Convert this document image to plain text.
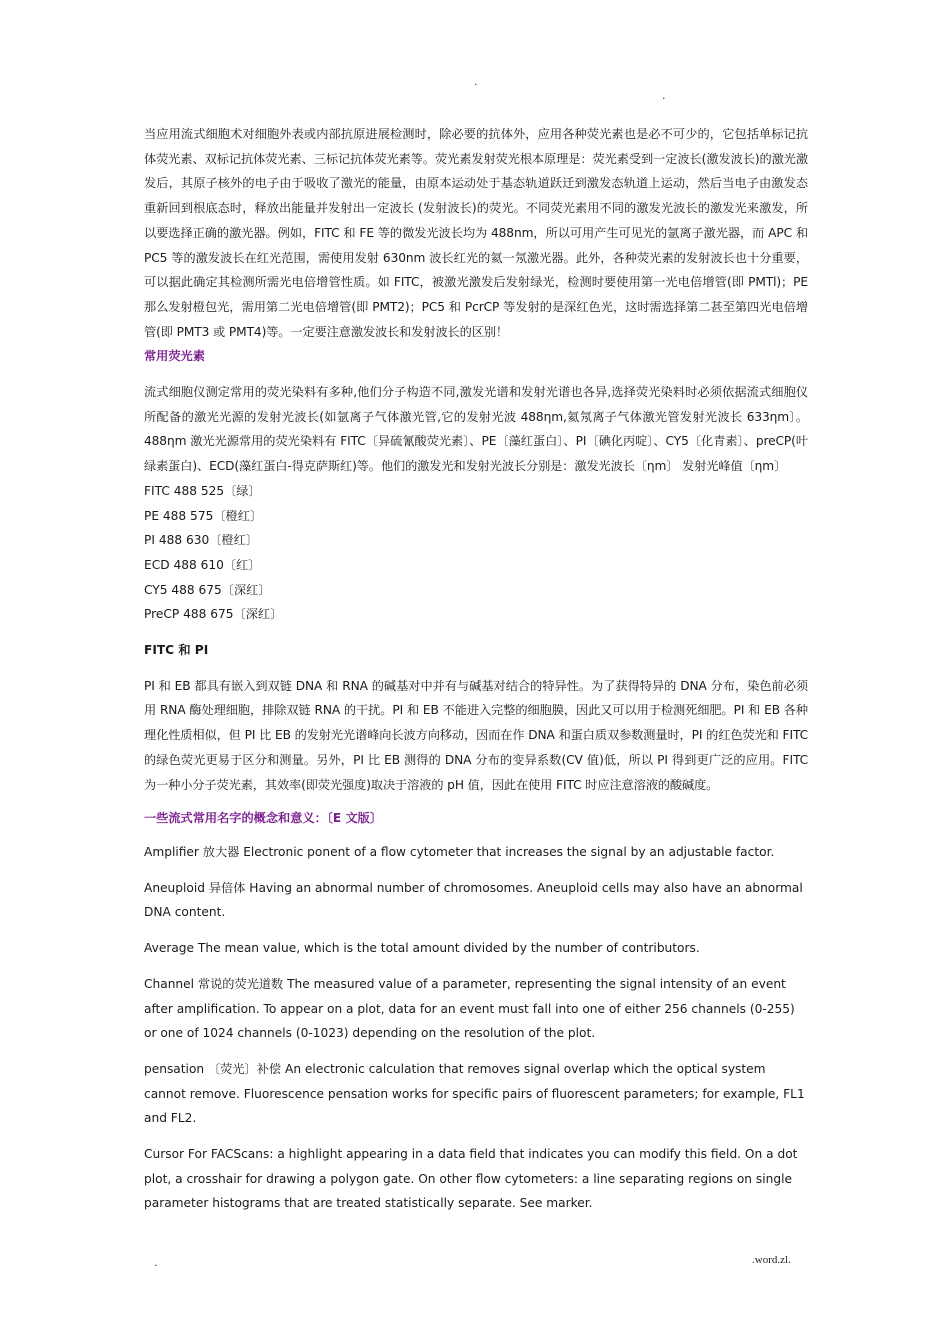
.
.

当应用流式细胞术对细胞外表或内部抗原进展检测时，除必要的抗体外，应用各种荧光素也是必不可少的，它包括单标记抗体荧光素、双标记抗体荧光素、三标记抗体荧光素等。荧光素发射荧光根本原理是：荧光素受到一定波长(激发波长)的激光激发后，其原子核外的电子由于吸收了激光的能量，由原本运动处于基态轨道跃迁到激发态轨道上运动，然后当电子由激发态重新回到根底态时，释放出能量并发射出一定波长 (发射波长)的荧光。不同荧光素用不同的激发光波长的激发光来激发，所以要选择正确的激光器。例如，FITC 和 FE 等的微发光波长均为 488nm，所以可用产生可见光的氩离子激光器，而 APC 和 PC5 等的激发波长在红光范围，需使用发射 630nm 波长红光的氦一氖激光器。此外，各种荧光素的发射波长也十分重要，可以据此确定其检测所需光电倍增管性质。如 FITC，被激光激发后发射绿光，检测时要使用第一光电倍增管(即 PMTl)；PE 那么发射橙包光，需用第二光电倍增管(即 PMT2)；PC5 和 PcrCP 等发射的是深红色光，这时需选择第二甚至第四光电倍增管(即 PMT3 或 PMT4)等。一定要注意激发波长和发射波长的区别！

常用荧光素

流式细胞仪测定常用的荧光染料有多种,他们分子构造不同,激发光谱和发射光谱也各异,选择荧光染料时必须依据流式细胞仪所配备的激光光源的发射光波长(如氩离子气体激光管,它的发射光波 488ηm,氦氖离子气体激光管发射光波长 633ηm〕。488ηm 激光光源常用的荧光染料有 FITC〔异硫氰酸荧光素〕、PE〔藻红蛋白〕、PI〔碘化丙啶〕、CY5〔化青素〕、preCP(叶绿素蛋白)、ECD(藻红蛋白-得克萨斯红)等。他们的激发光和发射光波长分别是：激发光波长〔ηm〕 发射光峰值〔ηm〕

FITC 488 525〔绿〕

PE 488 575〔橙红〕

PI 488 630〔橙红〕

ECD 488 610〔红〕

CY5 488 675〔深红〕

PreCP 488 675〔深红〕

FITC 和 PI

PI 和 EB 都具有嵌入到双链 DNA 和 RNA 的碱基对中并有与碱基对结合的特异性。为了获得特异的 DNA 分布，染色前必须用 RNA 酶处理细胞，排除双链 RNA 的干扰。PI 和 EB 不能进入完整的细胞膜，因此又可以用于检测死细肥。PI 和 EB 各种理化性质相似，但 PI 比 EB 的发射光光谱峰向长波方向移动，因而在作 DNA 和蛋白质双参数测量时，PI 的红色荧光和 FITC 的绿色荧光更易于区分和测量。另外，PI 比 EB 测得的 DNA 分布的变异系数(CV 值)低，所以 PI 得到更广泛的应用。FITC 为一种小分子荧光素，其效率(即荧光强度)取决于溶液的 pH 值，因此在使用 FITC 时应注意溶液的酸碱度。

一些流式常用名字的概念和意义：〔E 文版〕

Amplifier 放大器 Electronic ponent of a flow cytometer that increases the signal by an adjustable factor.

Aneuploid 异倍体 Having an abnormal number of chromosomes. Aneuploid cells may also have an abnormal DNA content.

Average The mean value, which is the total amount divided by the number of contributors.

Channel 常说的荧光道数 The measured value of a parameter, representing the signal intensity of an event after amplification. To appear on a plot, data for an event must fall into one of either 256 channels (0-255) or one of 1024 channels (0-1023) depending on the resolution of the plot.

pensation 〔荧光〕补偿 An electronic calculation that removes signal overlap which the optical system cannot remove. Fluorescence pensation works for specific pairs of fluorescent parameters; for example, FL1 and FL2.

Cursor For FACScans: a highlight appearing in a data field that indicates you can modify this field. On a dot plot, a crosshair for drawing a polygon gate. On other flow cytometers: a line separating regions on single parameter histograms that are treated statistically separate. See marker.

.	.word.zl.
